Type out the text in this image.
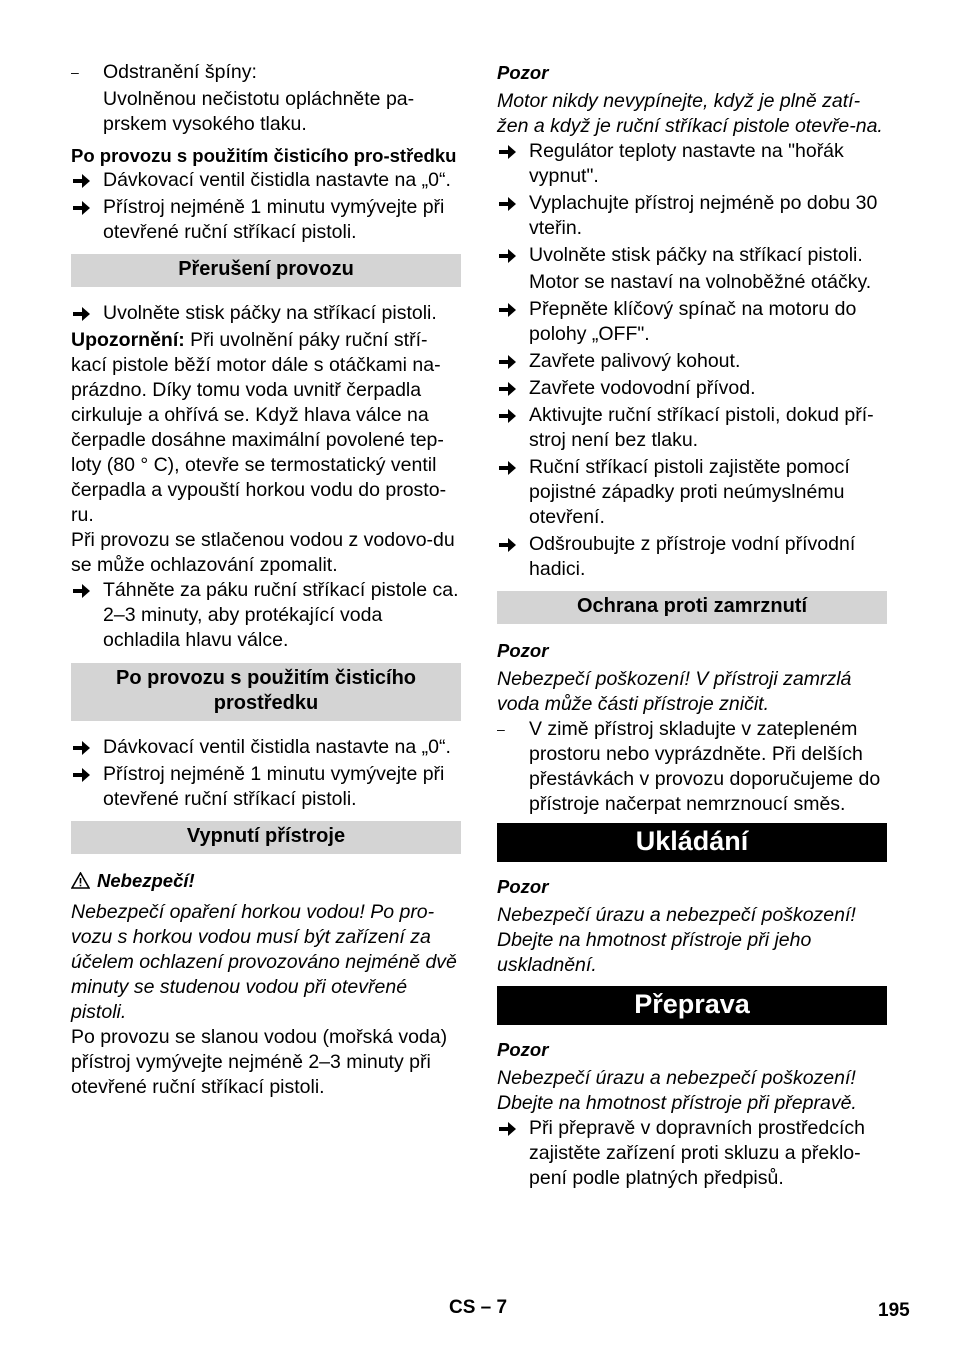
– Odstranění špíny:
Uvolněnou nečistotu opláchněte pa-prskem vysokého tlaku.
Po provozu s použitím čisticího pro-středku
Dávkovací ventil čistidla nastavte na „0“.
Přístroj nejméně 1 minutu vymývejte při otevřené ruční stříkací pistoli.
Přerušení provozu
Uvolněte stisk páčky na stříkací pistoli.
Upozornění: Při uvolnění páky ruční stří-kací pistole běží motor dále s otáčkami na-prázdno. Díky tomu voda uvnitř čerpadla cirkuluje a ohřívá se. Když hlava válce na čerpadle dosáhne maximální povolené tep-loty (80 ° C), otevře se termostatický ventil čerpadla a vypouští horkou vodu do prosto-ru.
Při provozu se stlačenou vodou z vodovo-du se může ochlazování zpomalit.
Táhněte za páku ruční stříkací pistole ca. 2–3 minuty, aby protékající voda ochladila hlavu válce.
Po provozu s použitím čisticího prostředku
Dávkovací ventil čistidla nastavte na „0“.
Přístroj nejméně 1 minutu vymývejte při otevřené ruční stříkací pistoli.
Vypnutí přístroje
Nebezpečí!
Nebezpečí opaření horkou vodou! Po pro-vozu s horkou vodou musí být zařízení za účelem ochlazení provozováno nejméně dvě minuty se studenou vodou při otevřené pistoli.
Po provozu se slanou vodou (mořská voda) přístroj vymývejte nejméně 2–3 minuty při otevřené ruční stříkací pistoli.
Pozor
Motor nikdy nevypínejte, když je plně zatí-žen a když je ruční stříkací pistole otevře-na.
Regulátor teploty nastavte na "hořák vypnut".
Vyplachujte přístroj nejméně po dobu 30 vteřin.
Uvolněte stisk páčky na stříkací pistoli.
Motor se nastaví na volnoběžné otáčky.
Přepněte klíčový spínač na motoru do polohy „OFF".
Zavřete palivový kohout.
Zavřete vodovodní přívod.
Aktivujte ruční stříkací pistoli, dokud pří-stroj není bez tlaku.
Ruční stříkací pistoli zajistěte pomocí pojistné západky proti neúmyslnému otevření.
Odšroubujte z přístroje vodní přívodní hadici.
Ochrana proti zamrznutí
Pozor
Nebezpečí poškození! V přístroji zamrzlá voda může části přístroje zničit.
– V zimě přístroj skladujte v zatepleném prostoru nebo vyprázdněte. Při delších přestávkách v provozu doporučujeme do přístroje načerpat nemrznoucí směs.
Ukládání
Pozor
Nebezpečí úrazu a nebezpečí poškození! Dbejte na hmotnost přístroje při jeho uskladnění.
Přeprava
Pozor
Nebezpečí úrazu a nebezpečí poškození! Dbejte na hmotnost přístroje při přepravě.
Při přepravě v dopravních prostředcích zajistěte zařízení proti skluzu a překlo-pení podle platných předpisů.
CS – 7	195
